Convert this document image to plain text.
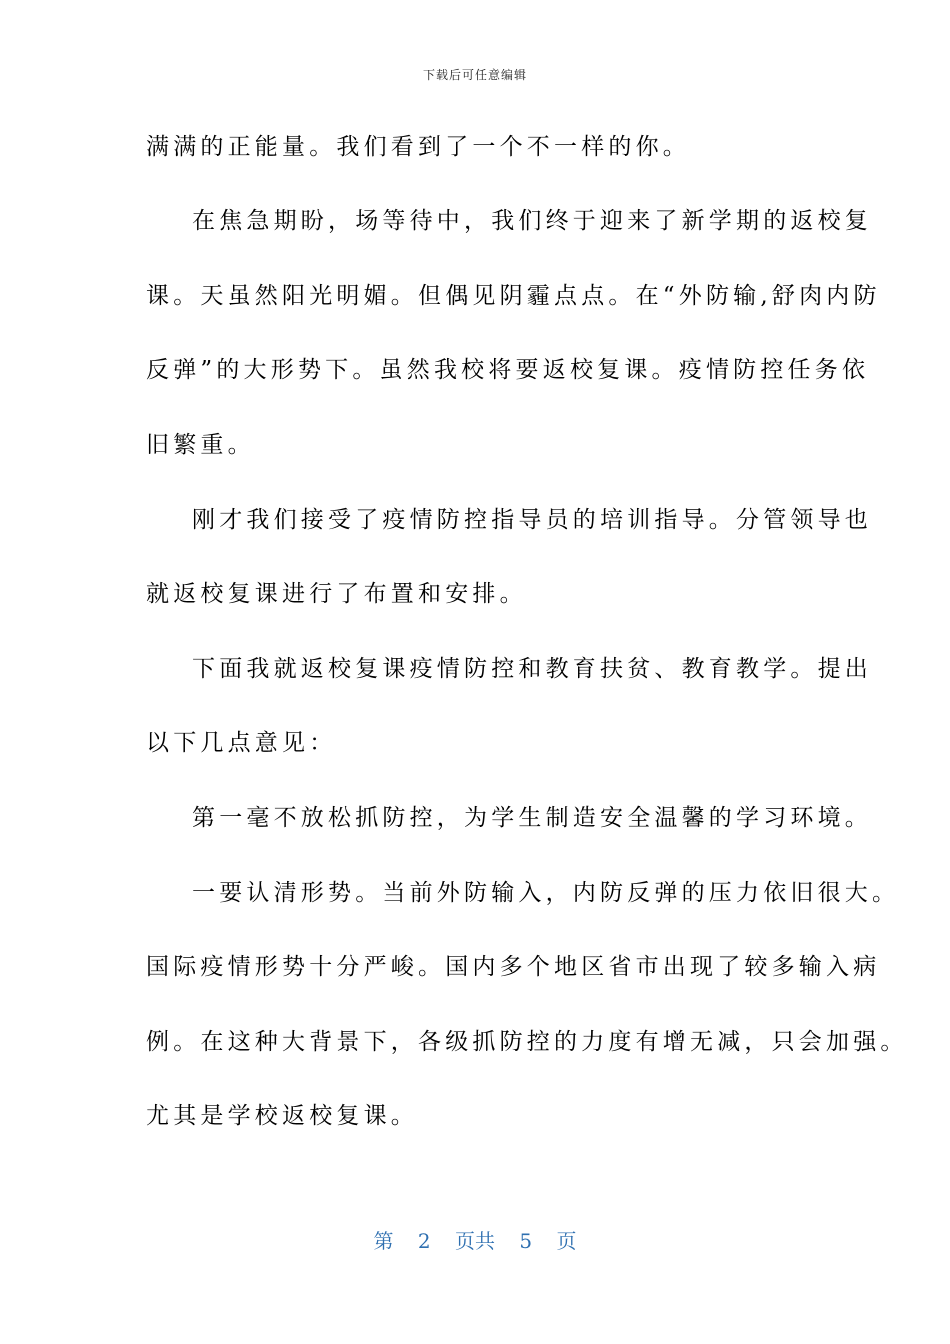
下载后可任意编辑
满满的正能量。我们看到了一个不一样的你。
在焦急期盼，场等待中，我们终于迎来了新学期的返校复
课。天虽然阳光明媚。但偶见阴霾点点。在“外防输,舒肉内防
反弹”的大形势下。虽然我校将要返校复课。疫情防控任务依
旧繁重。
刚才我们接受了疫情防控指导员的培训指导。分管领导也
就返校复课进行了布置和安排。
下面我就返校复课疫情防控和教育扶贫、教育教学。提出
以下几点意见：
第一毫不放松抓防控，为学生制造安全温馨的学习环境。
一要认清形势。当前外防输入，内防反弹的压力依旧很大。
国际疫情形势十分严峻。国内多个地区省市出现了较多输入病
例。在这种大背景下，各级抓防控的力度有增无减，只会加强。
尤其是学校返校复课。
第 2 页共 5 页
